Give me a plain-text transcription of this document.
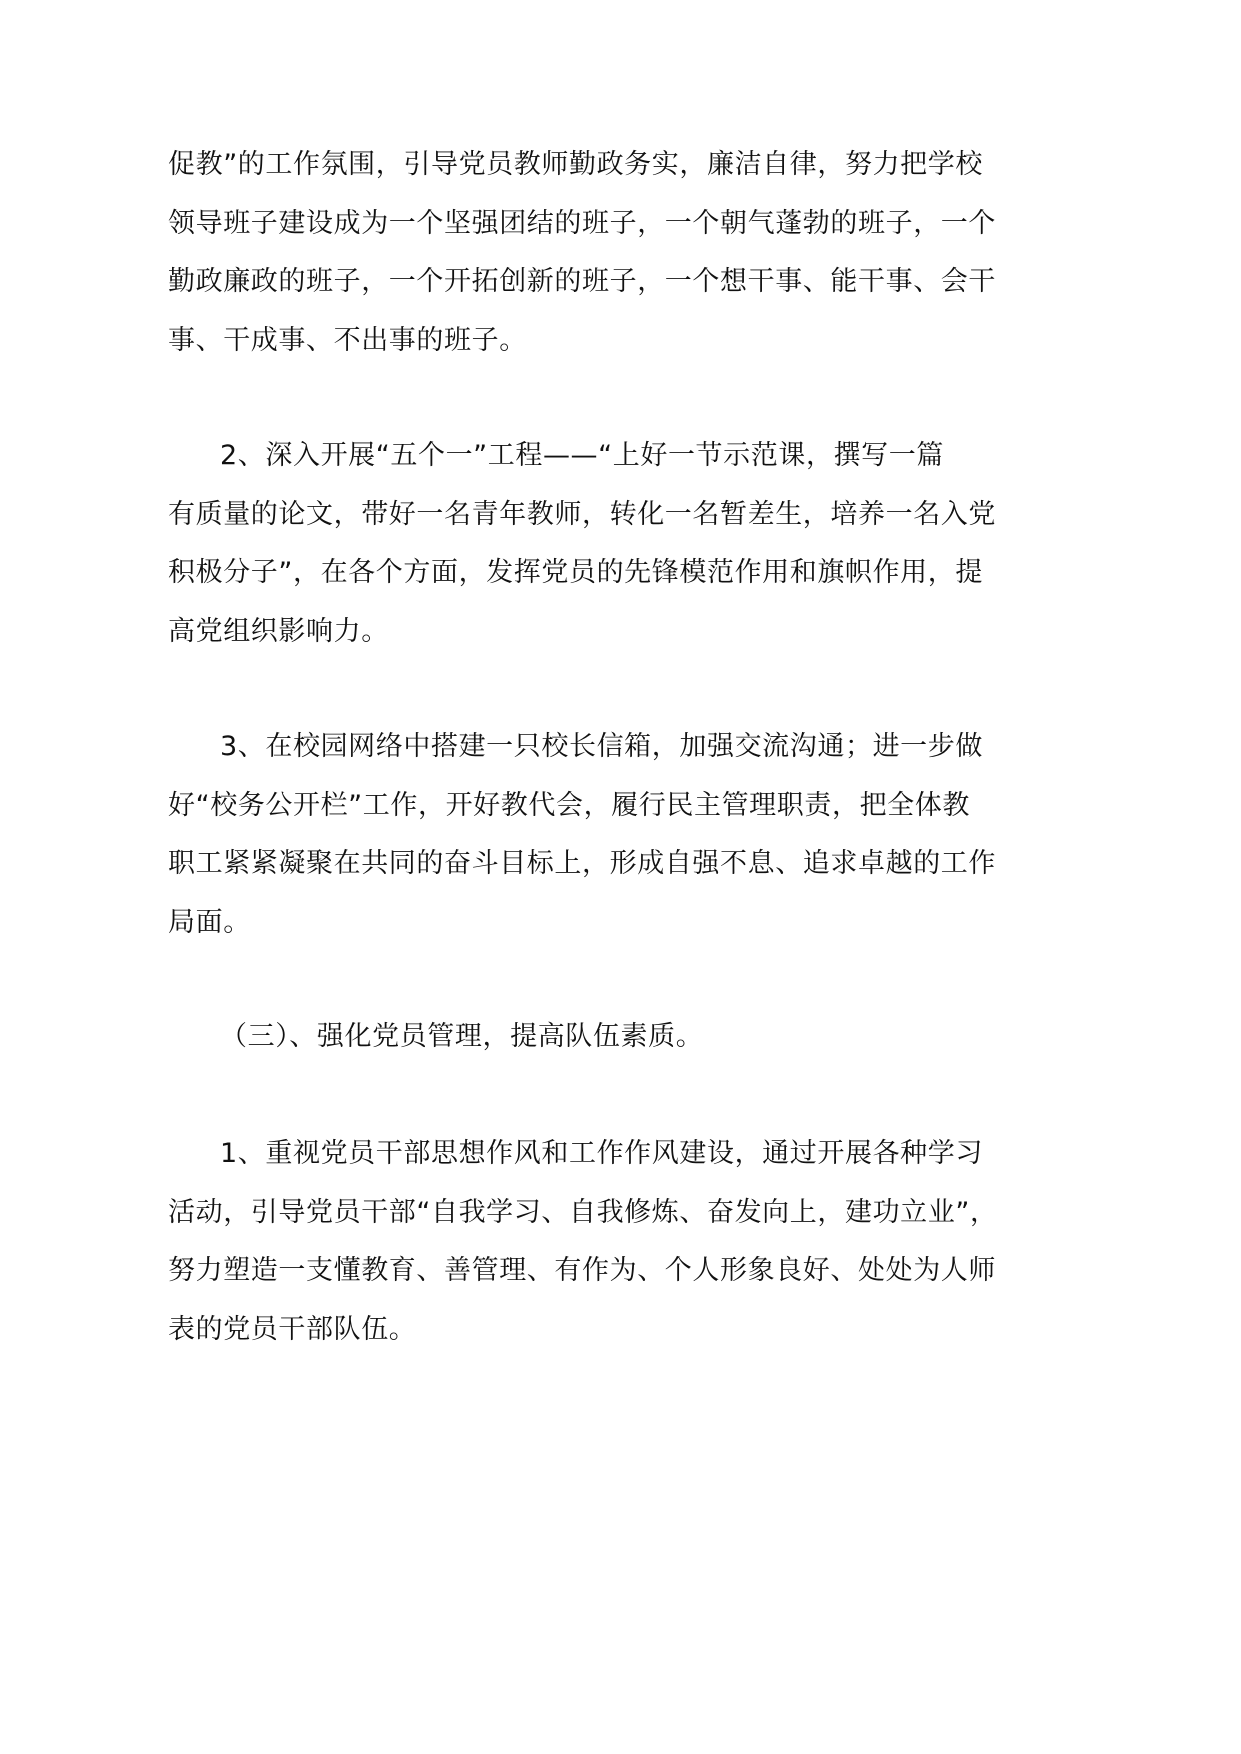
促教”的工作氛围，引导党员教师勤政务实，廉洁自律，努力把学校
领导班子建设成为一个坚强团结的班子，一个朝气蓬勃的班子，一个
勤政廉政的班子，一个开拓创新的班子，一个想干事、能干事、会干
事、干成事、不出事的班子。
2、深入开展“五个一”工程——“上好一节示范课，撰写一篇
有质量的论文，带好一名青年教师，转化一名暂差生，培养一名入党
积极分子”，在各个方面，发挥党员的先锋模范作用和旗帜作用，提
高党组织影响力。
3、在校园网络中搭建一只校长信箱，加强交流沟通；进一步做
好“校务公开栏”工作，开好教代会，履行民主管理职责，把全体教
职工紧紧凝聚在共同的奋斗目标上，形成自强不息、追求卓越的工作
局面。
（三）、强化党员管理，提高队伍素质。
1、重视党员干部思想作风和工作作风建设，通过开展各种学习
活动，引导党员干部“自我学习、自我修炼、奋发向上，建功立业”，
努力塑造一支懂教育、善管理、有作为、个人形象良好、处处为人师
表的党员干部队伍。
